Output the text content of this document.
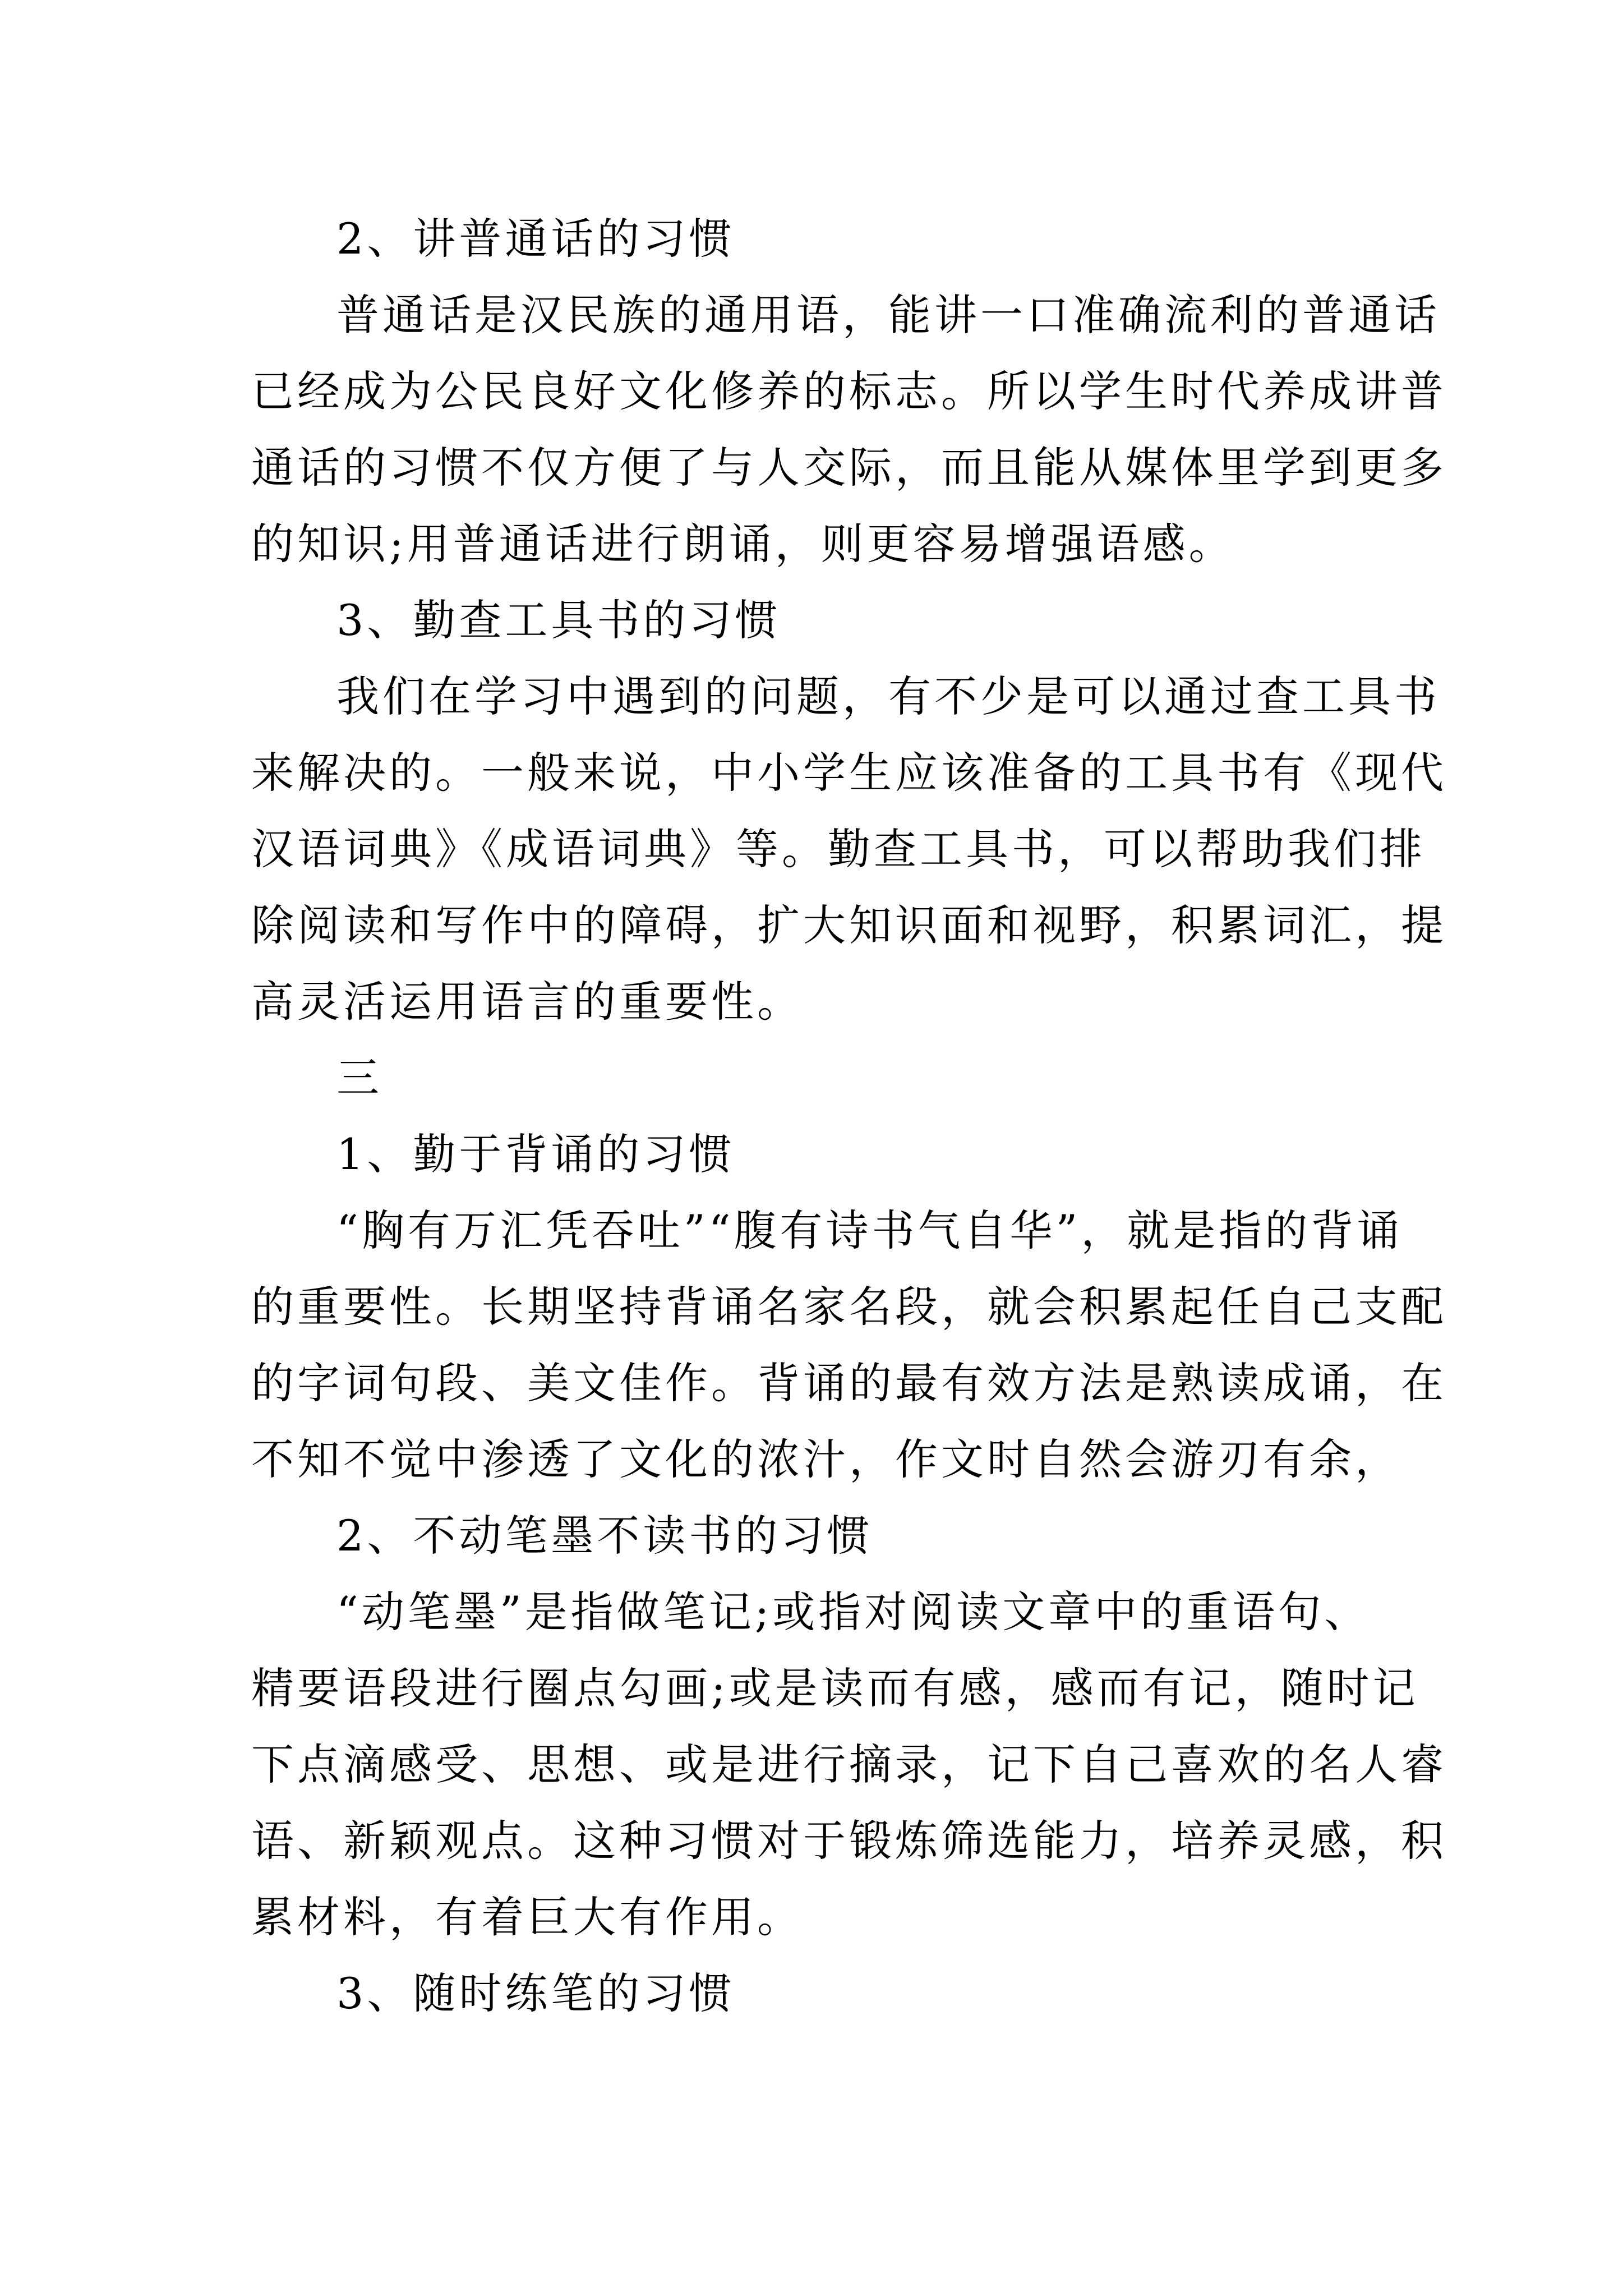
2、讲普通话的习惯
普通话是汉民族的通用语，能讲一口准确流利的普通话
已经成为公民良好文化修养的标志。所以学生时代养成讲普
通话的习惯不仅方便了与人交际，而且能从媒体里学到更多
的知识;用普通话进行朗诵，则更容易增强语感。
3、勤查工具书的习惯
我们在学习中遇到的问题，有不少是可以通过查工具书
来解决的。一般来说，中小学生应该准备的工具书有《现代
汉语词典》《成语词典》等。勤查工具书，可以帮助我们排
除阅读和写作中的障碍，扩大知识面和视野，积累词汇，提
高灵活运用语言的重要性。
三
1、勤于背诵的习惯
“胸有万汇凭吞吐”“腹有诗书气自华”，就是指的背诵
的重要性。长期坚持背诵名家名段，就会积累起任自己支配
的字词句段、美文佳作。背诵的最有效方法是熟读成诵，在
不知不觉中渗透了文化的浓汁，作文时自然会游刃有余，
2、不动笔墨不读书的习惯
“动笔墨”是指做笔记;或指对阅读文章中的重语句、
精要语段进行圈点勾画;或是读而有感，感而有记，随时记
下点滴感受、思想、或是进行摘录，记下自己喜欢的名人睿
语、新颖观点。这种习惯对于锻炼筛选能力，培养灵感，积
累材料，有着巨大有作用。
3、随时练笔的习惯
